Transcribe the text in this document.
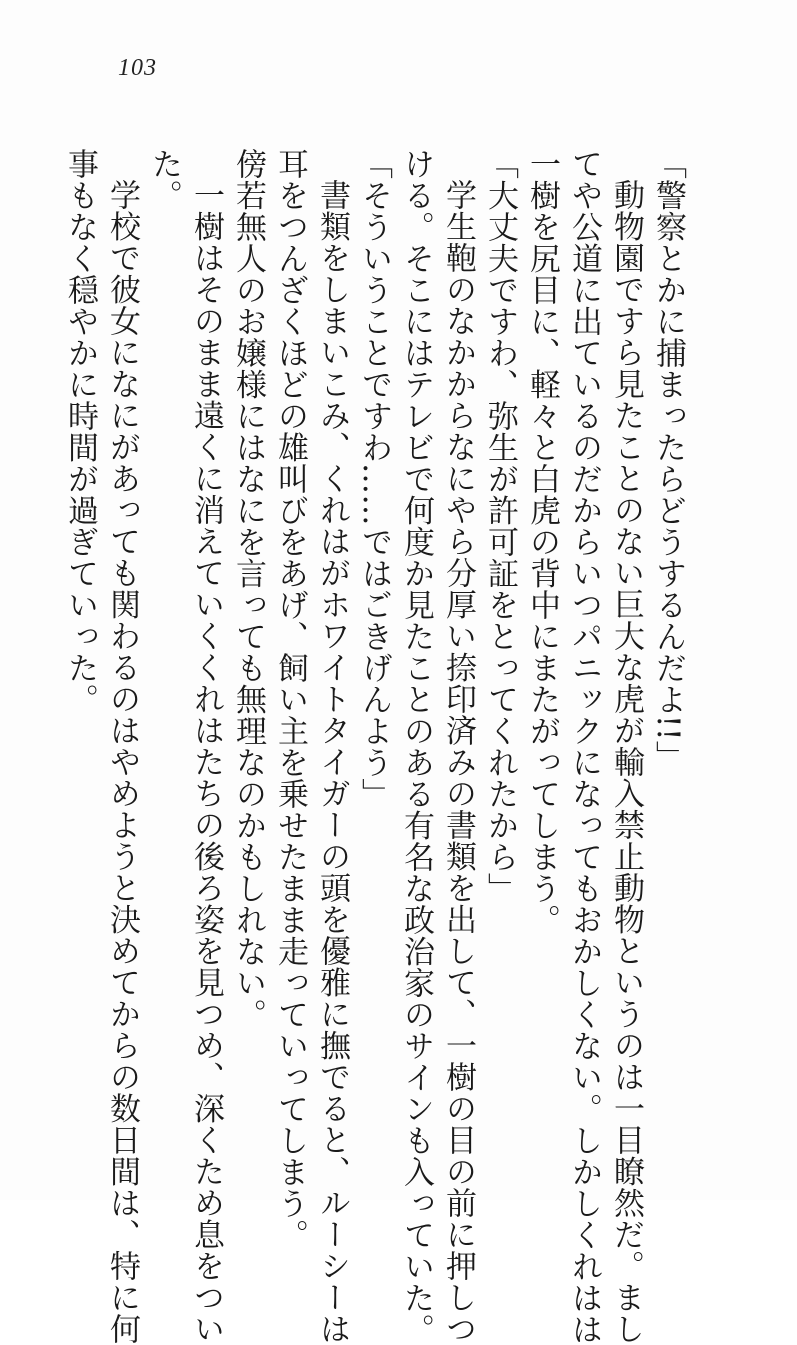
103
「警察とかに捕まったらどうするんだよ!!」
動物園ですら見たことのない巨大な虎が輸入禁止動物というのは一目瞭然だ。まし
てや公道に出ているのだからいつパニックになってもおかしくない。しかしくれはは
一樹を尻目に、軽々と白虎の背中にまたがってしまう。
「大丈夫ですわ、弥生が許可証をとってくれたから」
学生鞄のなかからなにやら分厚い捺印済みの書類を出して、一樹の目の前に押しつ
ける。そこにはテレビで何度か見たことのある有名な政治家のサインも入っていた。
「そういうことですわ……ではごきげんよう」
書類をしまいこみ、くれはがホワイトタイガーの頭を優雅に撫でると、ルーシーは
耳をつんざくほどの雄叫びをあげ、飼い主を乗せたまま走っていってしまう。
傍若無人のお嬢様にはなにを言っても無理なのかもしれない。
一樹はそのまま遠くに消えていくくれはたちの後ろ姿を見つめ、深くため息をつい
た。
学校で彼女になにがあっても関わるのはやめようと決めてからの数日間は、特に何
事もなく穏やかに時間が過ぎていった。
